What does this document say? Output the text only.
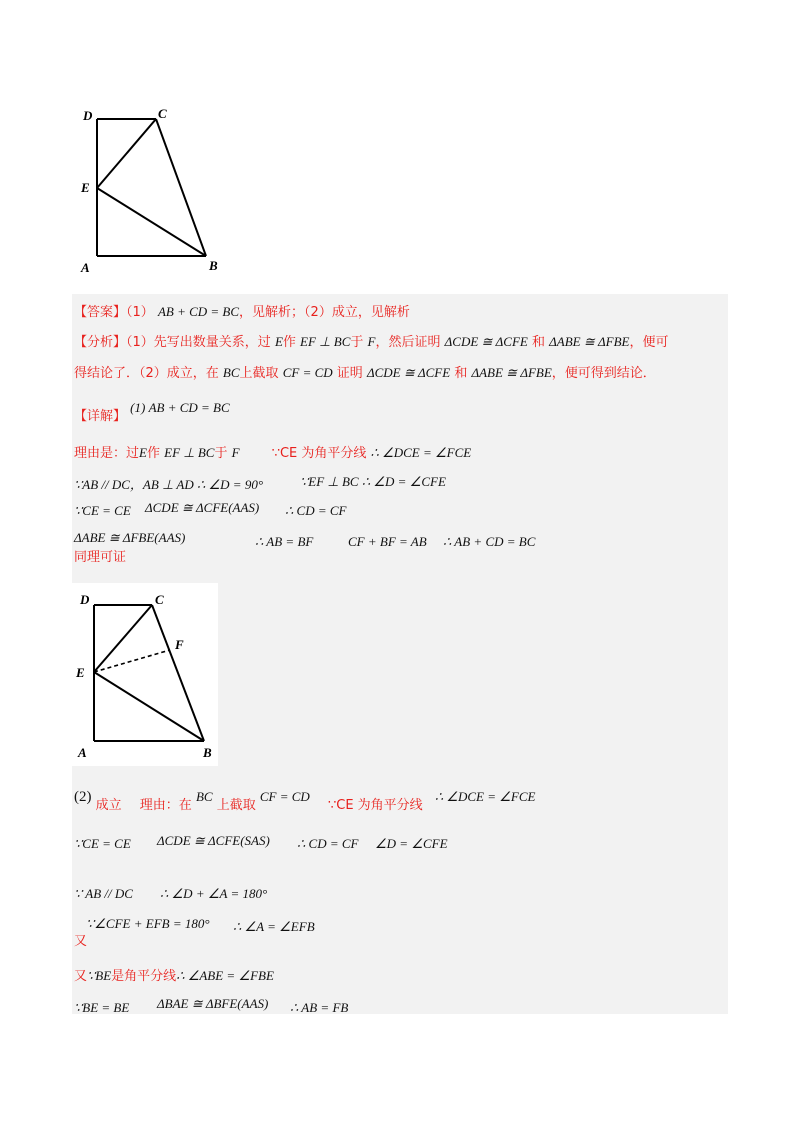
D	C
E
A	B
【答案】（1） AB + CD = BC，见解析；（2）成立，见解析
【分析】（1）先写出数量关系，过 E作 EF ⊥ BC于 F，然后证明 ΔCDE ≅ ΔCFE 和 ΔABE ≅ ΔFBE，便可
得结论了．（2）成立，在 BC上截取 CF = CD 证明 ΔCDE ≅ ΔCFE 和 ΔABE ≅ ΔFBE，便可得到结论．
【详解】 (1) AB + CD = BC
理由是：过E作 EF ⊥ BC于 F ∵CE 为角平分线 ∴ ∠DCE = ∠FCE
∵AB // DC，AB ⊥ AD ∴ ∠D = 90°	∵EF ⊥ BC ∴ ∠D = ∠CFE
∵CE = CE ΔCDE ≅ ΔCFE(AAS) ∴ CD = CF
ΔABE ≅ ΔFBE(AAS)	∴ AB = BF	CF + BF = AB ∴ AB + CD = BC
同理可证
D	C
F
E
A	B
(2) 成立 理由：在 BC 上截取 CF = CD ∵CE 为角平分线 ∴ ∠DCE = ∠FCE
∵CE = CE ΔCDE ≅ ΔCFE(SAS) ∴ CD = CF ∠D = ∠CFE
∵ AB // DC ∴ ∠D + ∠A = 180°
∵∠CFE + EFB = 180° ∴ ∠A = ∠EFB
又
又∵BE是角平分线∴ ∠ABE = ∠FBE
∵BE = BE ΔBAE ≅ ΔBFE(AAS) ∴ AB = FB
